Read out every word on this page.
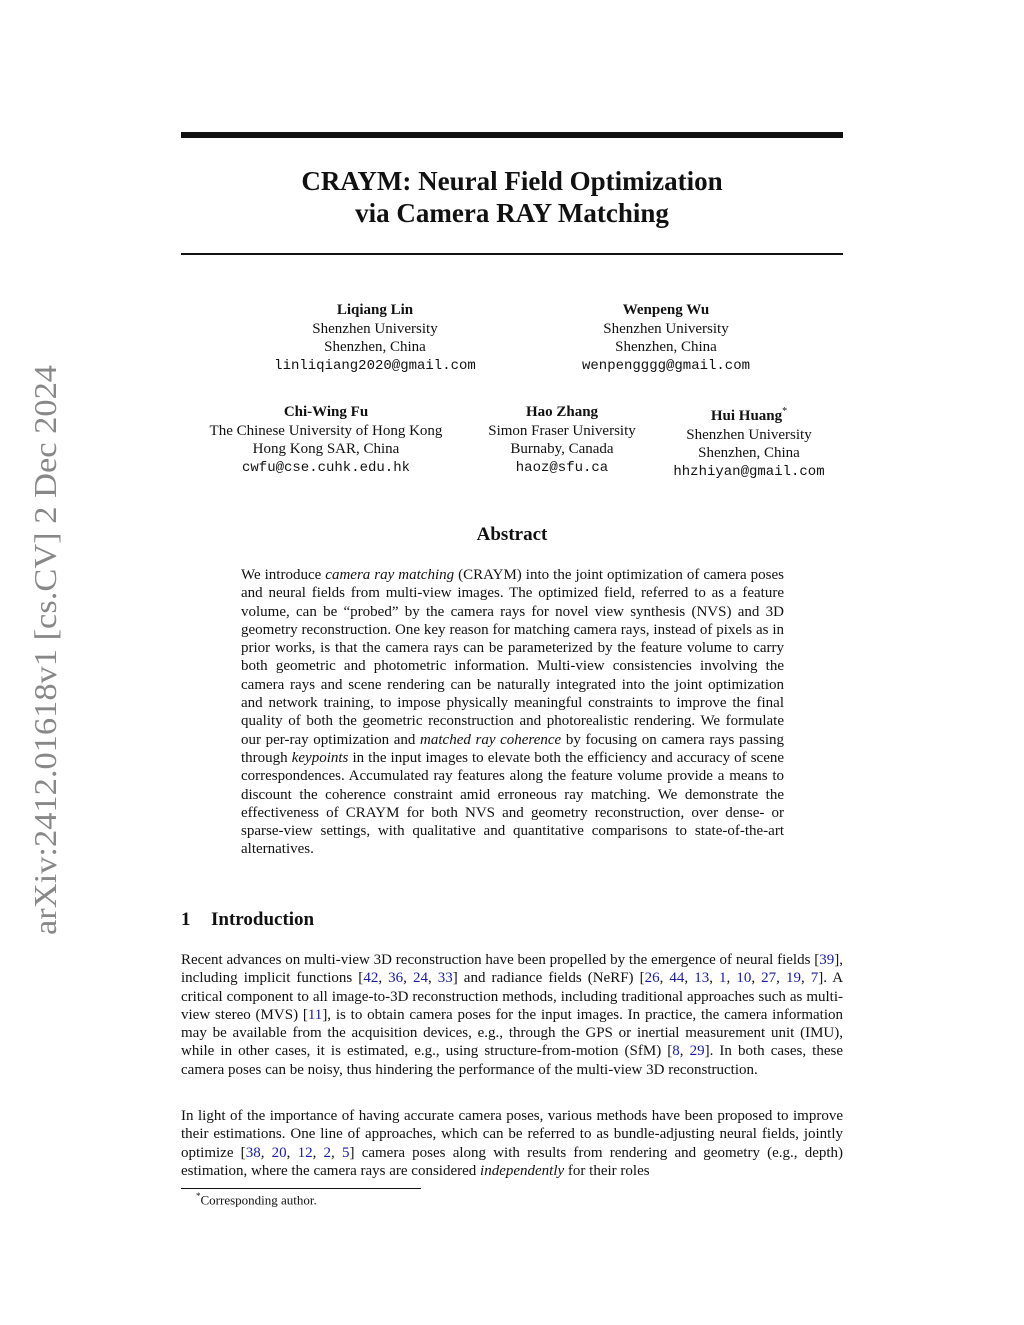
arXiv:2412.01618v1 [cs.CV] 2 Dec 2024
CRAYM: Neural Field Optimization
via Camera RAY Matching
Liqiang Lin
Shenzhen University
Shenzhen, China
linliqiang2020@gmail.com
Wenpeng Wu
Shenzhen University
Shenzhen, China
wenpengggg@gmail.com
Chi-Wing Fu
The Chinese University of Hong Kong
Hong Kong SAR, China
cwfu@cse.cuhk.edu.hk
Hao Zhang
Simon Fraser University
Burnaby, Canada
haoz@sfu.ca
Hui Huang*
Shenzhen University
Shenzhen, China
hhzhiyan@gmail.com
Abstract
We introduce camera ray matching (CRAYM) into the joint optimization of camera poses and neural fields from multi-view images. The optimized field, referred to as a feature volume, can be “probed” by the camera rays for novel view synthesis (NVS) and 3D geometry reconstruction. One key reason for matching camera rays, instead of pixels as in prior works, is that the camera rays can be parameterized by the feature volume to carry both geometric and photometric information. Multi-view consistencies involving the camera rays and scene rendering can be naturally integrated into the joint optimization and network training, to impose physically meaningful constraints to improve the final quality of both the geometric reconstruction and photorealistic rendering. We formulate our per-ray optimization and matched ray coherence by focusing on camera rays passing through keypoints in the input images to elevate both the efficiency and accuracy of scene correspondences. Accumulated ray features along the feature volume provide a means to discount the coherence constraint amid erroneous ray matching. We demonstrate the effectiveness of CRAYM for both NVS and geometry reconstruction, over dense- or sparse-view settings, with qualitative and quantitative comparisons to state-of-the-art alternatives.
1 Introduction
Recent advances on multi-view 3D reconstruction have been propelled by the emergence of neural fields [39], including implicit functions [42, 36, 24, 33] and radiance fields (NeRF) [26, 44, 13, 1, 10, 27, 19, 7]. A critical component to all image-to-3D reconstruction methods, including traditional approaches such as multi-view stereo (MVS) [11], is to obtain camera poses for the input images. In practice, the camera information may be available from the acquisition devices, e.g., through the GPS or inertial measurement unit (IMU), while in other cases, it is estimated, e.g., using structure-from-motion (SfM) [8, 29]. In both cases, these camera poses can be noisy, thus hindering the performance of the multi-view 3D reconstruction.
In light of the importance of having accurate camera poses, various methods have been proposed to improve their estimations. One line of approaches, which can be referred to as bundle-adjusting neural fields, jointly optimize [38, 20, 12, 2, 5] camera poses along with results from rendering and geometry (e.g., depth) estimation, where the camera rays are considered independently for their roles
*Corresponding author.
